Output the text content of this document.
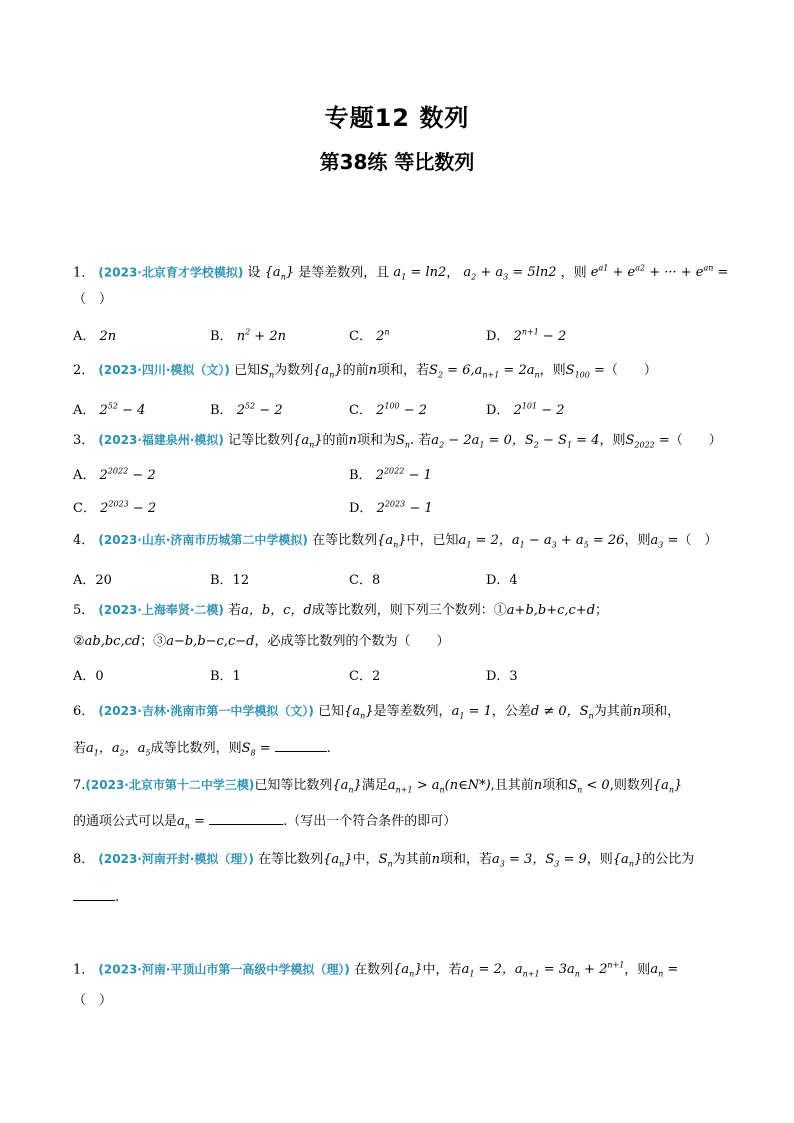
专题12 数列
第38练 等比数列
1． (2023·北京育才学校模拟) 设 $\{a_n\}$ 是等差数列，且 $a_1 = \ln 2$， $a_2 + a_3 = 5\ln 2$ ，则 $e^{a1} + e^{a2}$ + ··· + $e^{an}$ =
（　）
A． 2n	B． $n^2 + 2n$	C． 2$^n$	D． $2^{n+1} - 2$
2． (2023·四川·模拟（文）) 已知$S_n$为数列$\{a_n\}$的前n项和，若$S_2 = 6,a_{n+1} = 2a_n$，则$S_{100}$ =（　　）
A． $2^{52} - 4$	B． $2^{52} - 2$	C． $2^{100} - 2$	D． $2^{101} - 2$
3． (2023·福建泉州·模拟) 记等比数列$\{a_n\}$的前n项和为$S_n$. 若$a_2 - 2a_1 = 0$，$S_2 - S_1 = 4$，则$S_{2022}$ =（　　）
A． $2^{2022} - 2$	B． $2^{2022} - 1$
C． $2^{2023} - 2$	D． $2^{2023} - 1$
4． (2023·山东·济南市历城第二中学模拟) 在等比数列$\{a_n\}$中，已知$a_1 = 2$，$a_1 - a_3 + a_5 = 26$，则$a_3$ =（　）
A．20	B．12	C．8	D．4
5． (2023·上海奉贤·二模) 若a，b，c，d成等比数列，则下列三个数列：①a+b,b+c,c+d；
②ab,bc,cd；③a−b,b−c,c−d，必成等比数列的个数为（　　）
A．0	B．1	C．2	D．3
6． (2023·吉林·洮南市第一中学模拟（文）) 已知$\{a_n\}$是等差数列，$a_1 = 1$，公差d ≠ 0，$S_n$为其前n项和，
若$a_1$，$a_2$，$a_5$成等比数列，则$S_8$ =	.
7.(2023·北京市第十二中学三模)已知等比数列$\{a_n\}$满足$a_{n+1}$ > $a_n(n\in N*)$,且其前n项和$S_n < 0$,则数列$\{a_n\}$
的通项公式可以是$a_n$ =	.（写出一个符合条件的即可）
8． (2023·河南开封·模拟（理）) 在等比数列$\{a_n\}$中，$S_n$为其前n项和，若$a_3 = 3$，$S_3 = 9$，则$\{a_n\}$的公比为
.
1． (2023·河南·平顶山市第一高级中学模拟（理）) 在数列$\{a_n\}$中，若$a_1 = 2$，$a_{n+1} = 3a_n + 2^{n+1}$，则$a_n$ =
（　）
